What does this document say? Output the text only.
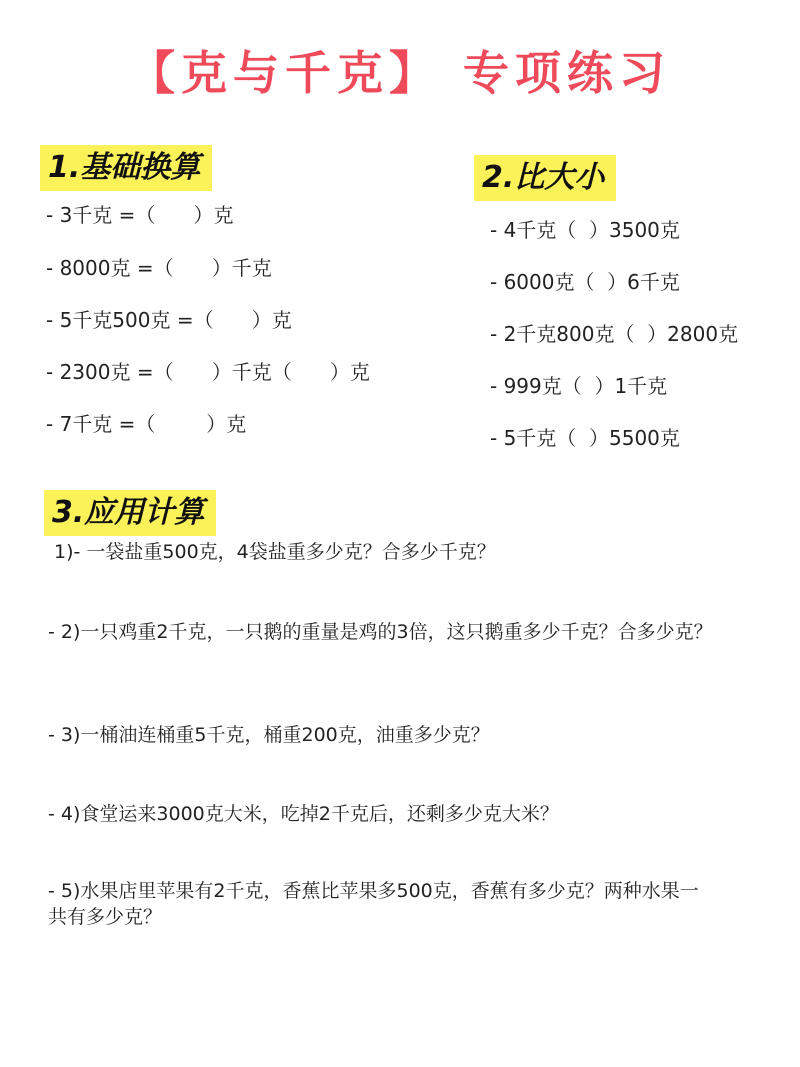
【克与千克】 专项练习
1.基础换算
- 3千克 =（      ）克
- 8000克 =（      ）千克
- 5千克500克 =（      ）克
- 2300克 =（      ）千克（      ）克
- 7千克 =（        ）克
2.比大小
- 4千克（  ）3500克
- 6000克（  ）6千克
- 2千克800克（  ）2800克
- 999克（  ）1千克
- 5千克（  ）5500克
3.应用计算
1)- 一袋盐重500克，4袋盐重多少克？合多少千克？
- 2)一只鸡重2千克，一只鹅的重量是鸡的3倍，这只鹅重多少千克？合多少克？
- 3)一桶油连桶重5千克，桶重200克，油重多少克？
- 4)食堂运来3000克大米，吃掉2千克后，还剩多少克大米？
- 5)水果店里苹果有2千克，香蕉比苹果多500克，香蕉有多少克？两种水果一共有多少克？
